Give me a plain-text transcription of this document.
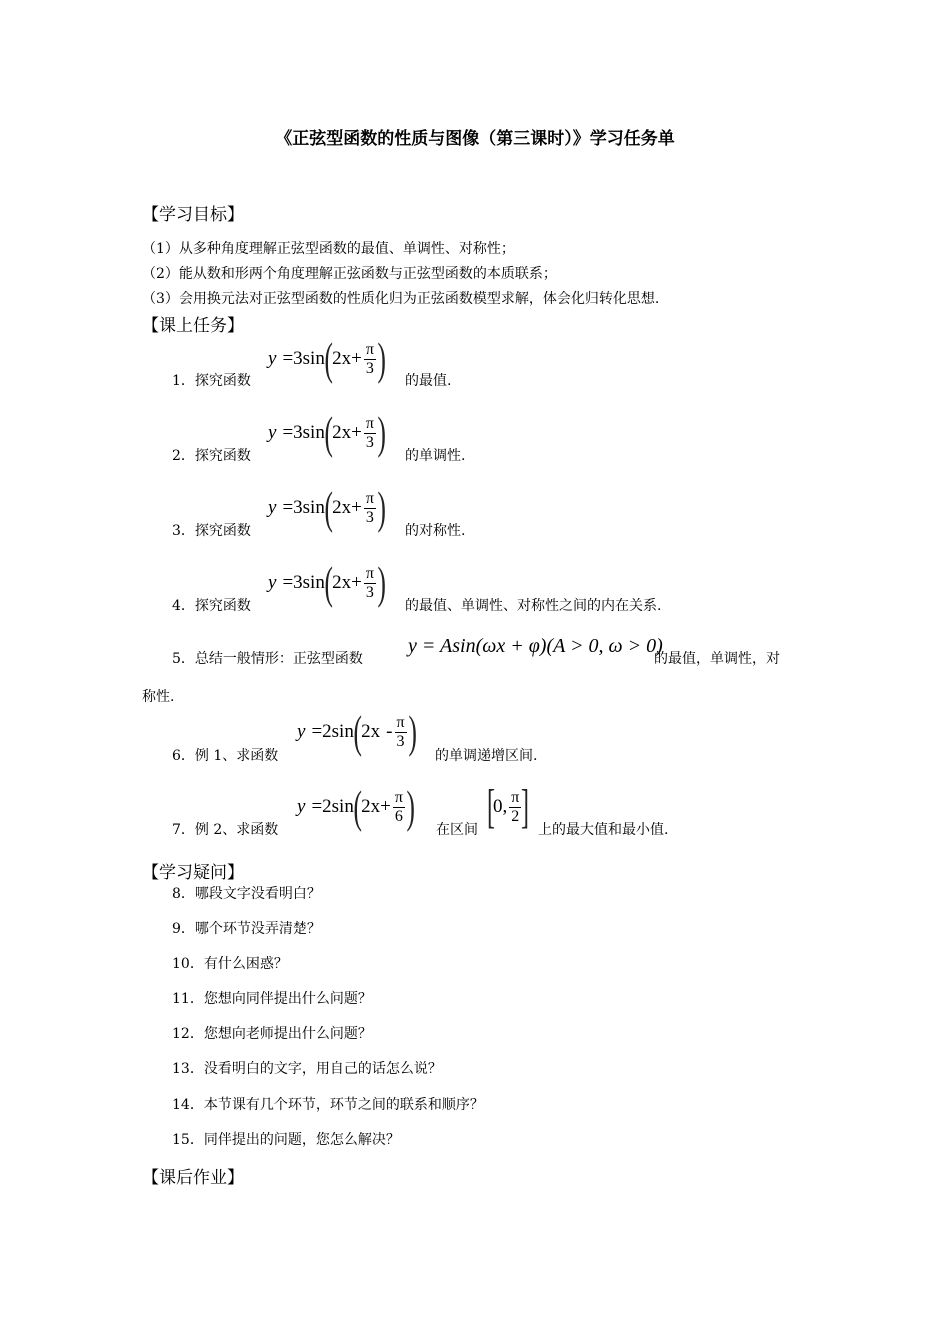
《正弦型函数的性质与图像（第三课时）》学习任务单
【学习目标】
（1）从多种角度理解正弦型函数的最值、单调性、对称性；
（2）能从数和形两个角度理解正弦函数与正弦型函数的本质联系；
（3）会用换元法对正弦型函数的性质化归为正弦函数模型求解，体会化归转化思想.
【课上任务】
1．探究函数
y = 3 sin ( $2x + \frac{\pi}{3}$ ) 的最值.
2．探究函数
y = 3 sin ( $2x + \frac{\pi}{3}$ ) 的单调性.
3．探究函数
y = 3 sin ( $2x + \frac{\pi}{3}$ ) 的对称性.
4．探究函数
y = 3 sin ( $2x + \frac{\pi}{3}$ ) 的最值、单调性、对称性之间的内在关系.
5．总结一般情形：正弦型函数
y = Asin(ωx + φ)(A > 0, ω > 0)
的最值，单调性，对
称性.
6．例 1、求函数
y = 2 sin ( $2x - \frac{\pi}{3}$ ) 的单调递增区间.
7．例 2、求函数
y = 2 sin ( $2x + \frac{\pi}{6}$ ) 在区间 [
0, $\frac{\pi}{2}$ ] 上的最大值和最小值.
【学习疑问】
8．哪段文字没看明白？
9．哪个环节没弄清楚？
10．有什么困惑？
11．您想向同伴提出什么问题？
12．您想向老师提出什么问题？
13．没看明白的文字，用自己的话怎么说？
14．本节课有几个环节，环节之间的联系和顺序？
15．同伴提出的问题，您怎么解决？
【课后作业】
